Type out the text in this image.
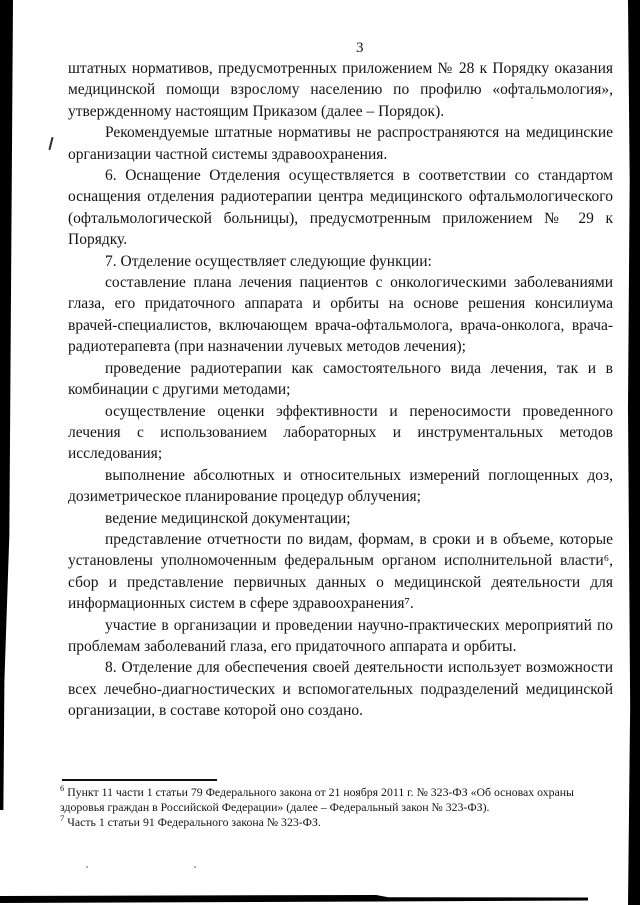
3

штатных нормативов, предусмотренных приложением № 28 к Порядку оказания медицинской помощи взрослому населению по профилю «офтальмология», утвержденному настоящим Приказом (далее – Порядок).

Рекомендуемые штатные нормативы не распространяются на медицинские организации частной системы здравоохранения.

6. Оснащение Отделения осуществляется в соответствии со стандартом оснащения отделения радиотерапии центра медицинского офтальмологического (офтальмологической больницы), предусмотренным приложением № 29 к Порядку.

7. Отделение осуществляет следующие функции:

составление плана лечения пациентов с онкологическими заболеваниями глаза, его придаточного аппарата и орбиты на основе решения консилиума врачей-специалистов, включающем врача-офтальмолога, врача-онколога, врача-радиотерапевта (при назначении лучевых методов лечения);

проведение радиотерапии как самостоятельного вида лечения, так и в комбинации с другими методами;

осуществление оценки эффективности и переносимости проведенного лечения с использованием лабораторных и инструментальных методов исследования;

выполнение абсолютных и относительных измерений поглощенных доз, дозиметрическое планирование процедур облучения;

ведение медицинской документации;

представление отчетности по видам, формам, в сроки и в объеме, которые установлены уполномоченным федеральным органом исполнительной власти⁶, сбор и представление первичных данных о медицинской деятельности для информационных систем в сфере здравоохранения⁷.

участие в организации и проведении научно-практических мероприятий по проблемам заболеваний глаза, его придаточного аппарата и орбиты.

8. Отделение для обеспечения своей деятельности использует возможности всех лечебно-диагностических и вспомогательных подразделений медицинской организации, в составе которой оно создано.

$^6$ Пункт 11 части 1 статьи 79 Федерального закона от 21 ноября 2011 г. № 323-ФЗ «Об основах охраны здоровья граждан в Российской Федерации» (далее – Федеральный закон № 323-ФЗ).

$^7$ Часть 1 статьи 91 Федерального закона № 323-ФЗ.
